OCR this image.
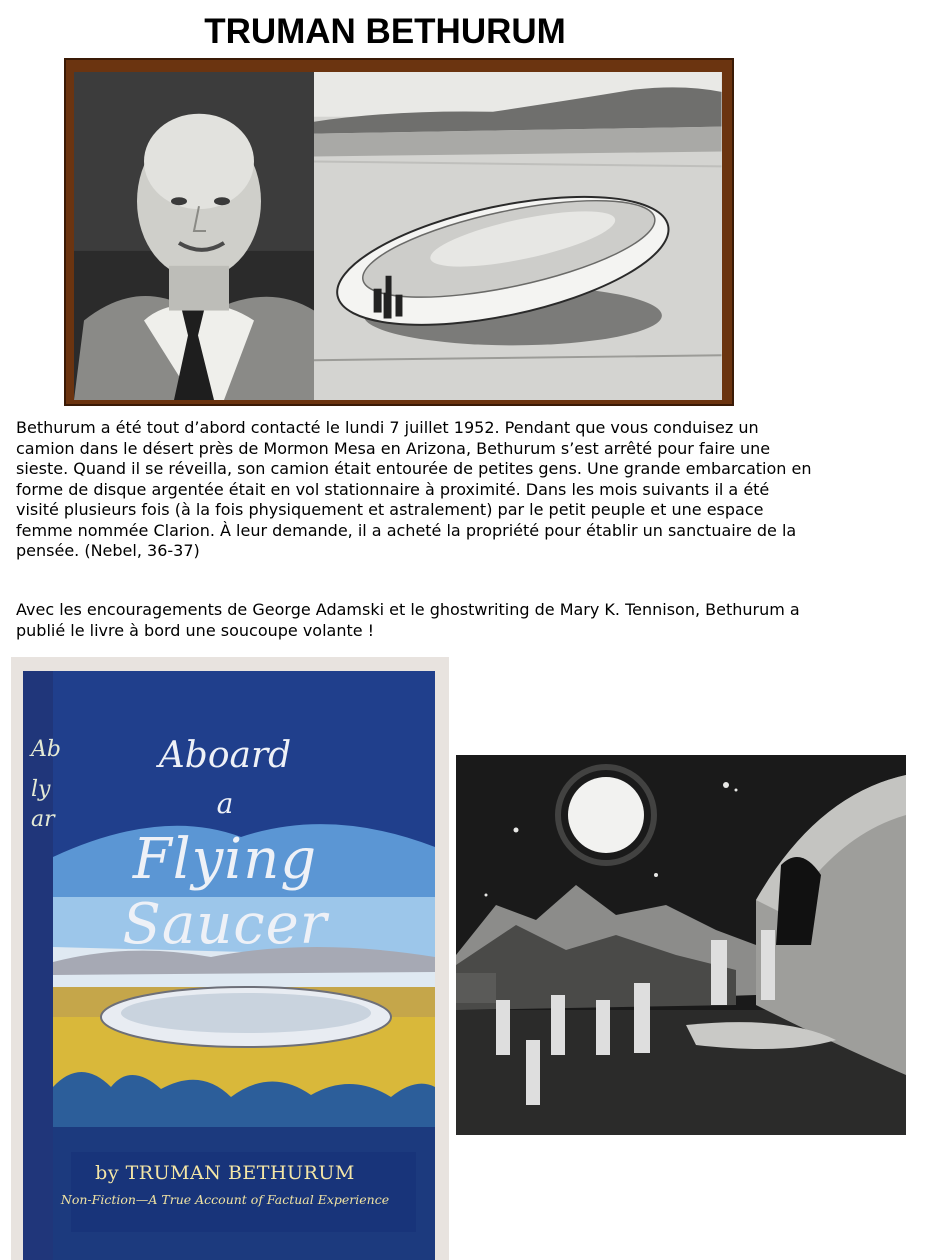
TRUMAN BETHURUM

Bethurum a été tout d’abord contacté le lundi 7 juillet 1952. Pendant que vous conduisez un camion dans le désert près de Mormon Mesa en Arizona, Bethurum s’est arrêté pour faire une sieste. Quand il se réveilla, son camion était entourée de petites gens. Une grande embarcation en forme de disque argentée était en vol stationnaire à proximité. Dans les mois suivants il a été visité plusieurs fois (à la fois physiquement et astralement) par le petit peuple et une espace femme nommée Clarion. À leur demande, il a acheté la propriété pour établir un sanctuaire de la pensée. (Nebel, 36-37)

Avec les encouragements de George Adamski et le ghostwriting de Mary K. Tennison, Bethurum a publié le livre à bord une soucoupe volante !

Aboard
a
Flying Saucer
by TRUMAN BETHURUM
Non-Fiction—A True Account of Factual Experience
Ab
ly
ar
